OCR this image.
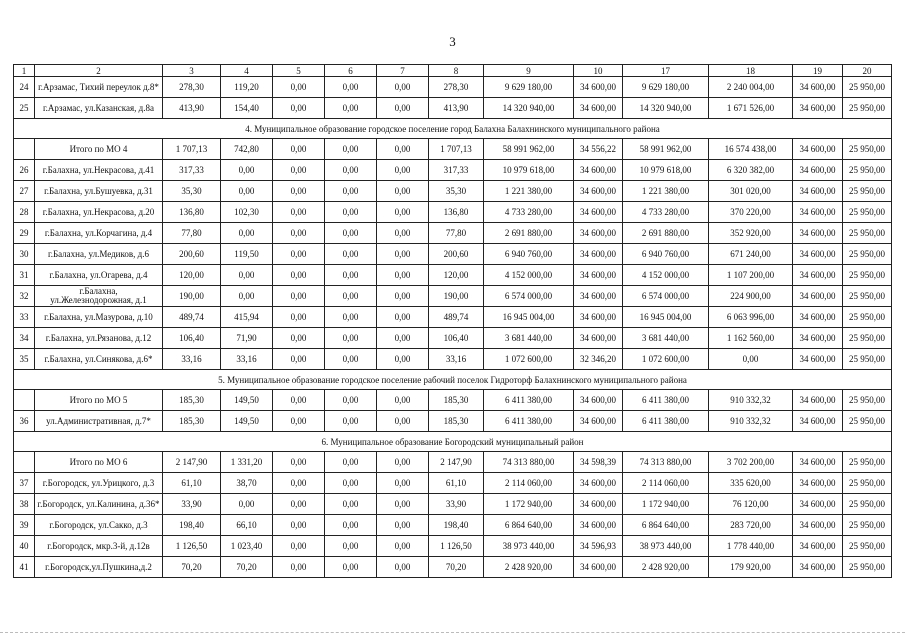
3
1	2	3	4	5	6	7	8	9	10	17	18	19	20
24	г.Арзамас, Тихий переулок д.8*	278,30	119,20	0,00	0,00	0,00	278,30	9 629 180,00	34 600,00	9 629 180,00	2 240 004,00	34 600,00	25 950,00
25	г.Арзамас, ул.Казанская, д.8а	413,90	154,40	0,00	0,00	0,00	413,90	14 320 940,00	34 600,00	14 320 940,00	1 671 526,00	34 600,00	25 950,00
4. Муниципальное образование городское поселение город Балахна Балахнинского муниципального района													
	Итого по МО 4	1 707,13	742,80	0,00	0,00	0,00	1 707,13	58 991 962,00	34 556,22	58 991 962,00	16 574 438,00	34 600,00	25 950,00
26	г.Балахна, ул.Некрасова, д.41	317,33	0,00	0,00	0,00	0,00	317,33	10 979 618,00	34 600,00	10 979 618,00	6 320 382,00	34 600,00	25 950,00
27	г.Балахна, ул.Бушуевка, д.31	35,30	0,00	0,00	0,00	0,00	35,30	1 221 380,00	34 600,00	1 221 380,00	301 020,00	34 600,00	25 950,00
28	г.Балахна, ул.Некрасова, д.20	136,80	102,30	0,00	0,00	0,00	136,80	4 733 280,00	34 600,00	4 733 280,00	370 220,00	34 600,00	25 950,00
29	г.Балахна, ул.Корчагина, д.4	77,80	0,00	0,00	0,00	0,00	77,80	2 691 880,00	34 600,00	2 691 880,00	352 920,00	34 600,00	25 950,00
30	г.Балахна, ул.Медиков, д.6	200,60	119,50	0,00	0,00	0,00	200,60	6 940 760,00	34 600,00	6 940 760,00	671 240,00	34 600,00	25 950,00
31	г.Балахна, ул.Огарева, д.4	120,00	0,00	0,00	0,00	0,00	120,00	4 152 000,00	34 600,00	4 152 000,00	1 107 200,00	34 600,00	25 950,00
32	г.Балахна, ул.Железнодорожная, д.1	190,00	0,00	0,00	0,00	0,00	190,00	6 574 000,00	34 600,00	6 574 000,00	224 900,00	34 600,00	25 950,00
33	г.Балахна, ул.Мазурова, д.10	489,74	415,94	0,00	0,00	0,00	489,74	16 945 004,00	34 600,00	16 945 004,00	6 063 996,00	34 600,00	25 950,00
34	г.Балахна, ул.Рязанова, д.12	106,40	71,90	0,00	0,00	0,00	106,40	3 681 440,00	34 600,00	3 681 440,00	1 162 560,00	34 600,00	25 950,00
35	г.Балахна, ул.Синякова, д.6*	33,16	33,16	0,00	0,00	0,00	33,16	1 072 600,00	32 346,20	1 072 600,00	0,00	34 600,00	25 950,00
5. Муниципальное образование городское поселение рабочий поселок Гидроторф Балахнинского муниципального района													
	Итого по МО 5	185,30	149,50	0,00	0,00	0,00	185,30	6 411 380,00	34 600,00	6 411 380,00	910 332,32	34 600,00	25 950,00
36	ул.Административная, д.7*	185,30	149,50	0,00	0,00	0,00	185,30	6 411 380,00	34 600,00	6 411 380,00	910 332,32	34 600,00	25 950,00
6. Муниципальное образование Богородский муниципальный район													
	Итого по МО 6	2 147,90	1 331,20	0,00	0,00	0,00	2 147,90	74 313 880,00	34 598,39	74 313 880,00	3 702 200,00	34 600,00	25 950,00
37	г.Богородск, ул.Урицкого, д.3	61,10	38,70	0,00	0,00	0,00	61,10	2 114 060,00	34 600,00	2 114 060,00	335 620,00	34 600,00	25 950,00
38	г.Богородск, ул.Калинина, д.36*	33,90	0,00	0,00	0,00	0,00	33,90	1 172 940,00	34 600,00	1 172 940,00	76 120,00	34 600,00	25 950,00
39	г.Богородск, ул.Сакко, д.3	198,40	66,10	0,00	0,00	0,00	198,40	6 864 640,00	34 600,00	6 864 640,00	283 720,00	34 600,00	25 950,00
40	г.Богородск, мкр.3-й, д.12в	1 126,50	1 023,40	0,00	0,00	0,00	1 126,50	38 973 440,00	34 596,93	38 973 440,00	1 778 440,00	34 600,00	25 950,00
41	г.Богородск,ул.Пушкина,д.2	70,20	70,20	0,00	0,00	0,00	70,20	2 428 920,00	34 600,00	2 428 920,00	179 920,00	34 600,00	25 950,00
